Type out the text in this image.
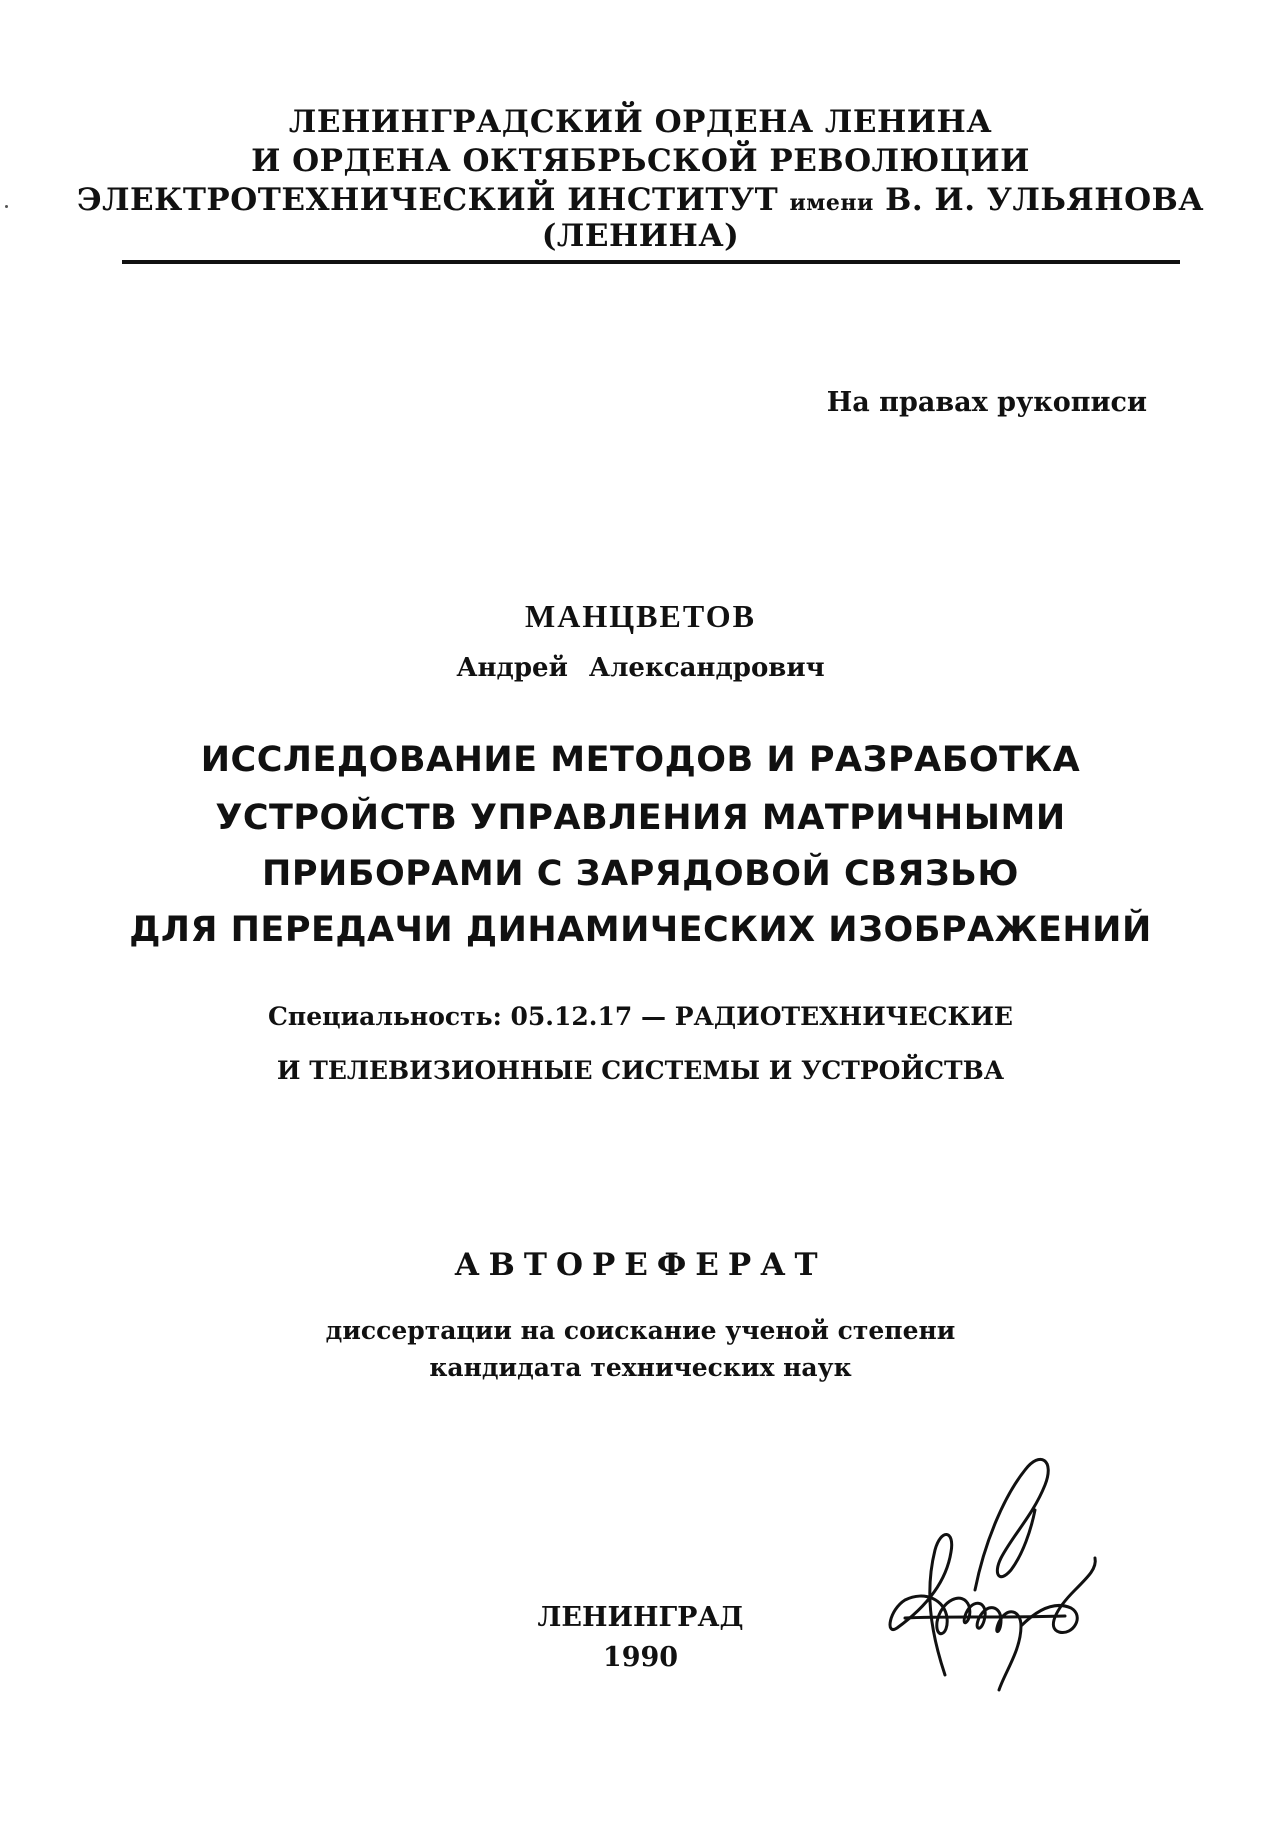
ЛЕНИНГРАДСКИЙ ОРДЕНА ЛЕНИНА
И ОРДЕНА ОКТЯБРЬСКОЙ РЕВОЛЮЦИИ
ЭЛЕКТРОТЕХНИЧЕСКИЙ ИНСТИТУТ имени В. И. УЛЬЯНОВА
(ЛЕНИНА)
На правах рукописи
МАНЦВЕТОВ
Андрей Александрович
ИССЛЕДОВАНИЕ МЕТОДОВ И РАЗРАБОТКА
УСТРОЙСТВ УПРАВЛЕНИЯ МАТРИЧНЫМИ
ПРИБОРАМИ С ЗАРЯДОВОЙ СВЯЗЬЮ
ДЛЯ ПЕРЕДАЧИ ДИНАМИЧЕСКИХ ИЗОБРАЖЕНИЙ
Специальность: 05.12.17 — РАДИОТЕХНИЧЕСКИЕ
И ТЕЛЕВИЗИОННЫЕ СИСТЕМЫ И УСТРОЙСТВА
АВТОРЕФЕРАТ
диссертации на соискание ученой степени
кандидата технических наук
ЛЕНИНГРАД
1990
